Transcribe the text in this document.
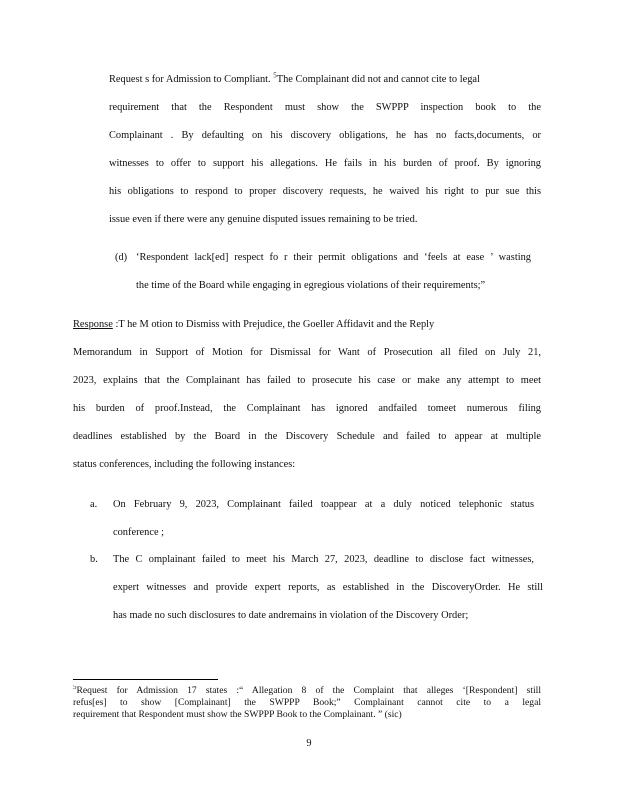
Request s for Admission to Compliant. $^5$The Complainant did not and cannot cite to legal
requirement that the Respondent must show the SWPPP inspection book to the
Complainant . By defaulting on his discovery obligations, he has no facts,documents, or
witnesses to offer to support his allegations. He fails in his burden of proof. By ignoring
his obligations to respond to proper discovery requests, he waived his right to pur sue this
issue even if there were any genuine disputed issues remaining to be tried.
(d) ‘Respondent lack[ed] respect fo r their permit obligations and ‘feels at ease ’ wasting
the time of the Board while engaging in egregious violations of their requirements;”
Response :T he M otion to Dismiss with Prejudice, the Goeller Affidavit and the Reply
Memorandum in Support of Motion for Dismissal for Want of Prosecution all filed on July 21,
2023, explains that the Complainant has failed to prosecute his case or make any attempt to meet
his burden of proof.Instead, the Complainant has ignored andfailed tomeet numerous filing
deadlines established by the Board in the Discovery Schedule and failed to appear at multiple
status conferences, including the following instances:
a. On February 9, 2023, Complainant failed toappear at a duly noticed telephonic status
conference ;
b. The C omplainant failed to meet his March 27, 2023, deadline to disclose fact witnesses,
expert witnesses and provide expert reports, as established in the DiscoveryOrder. He still
has made no such disclosures to date andremains in violation of the Discovery Order;
$^5$Request for Admission 17 states :“ Allegation 8 of the Complaint that alleges ‘[Respondent] still
refus[es] to show [Complainant] the SWPPP Book;” Complainant cannot cite to a legal
requirement that Respondent must show the SWPPP Book to the Complainant. ” (sic)
9
